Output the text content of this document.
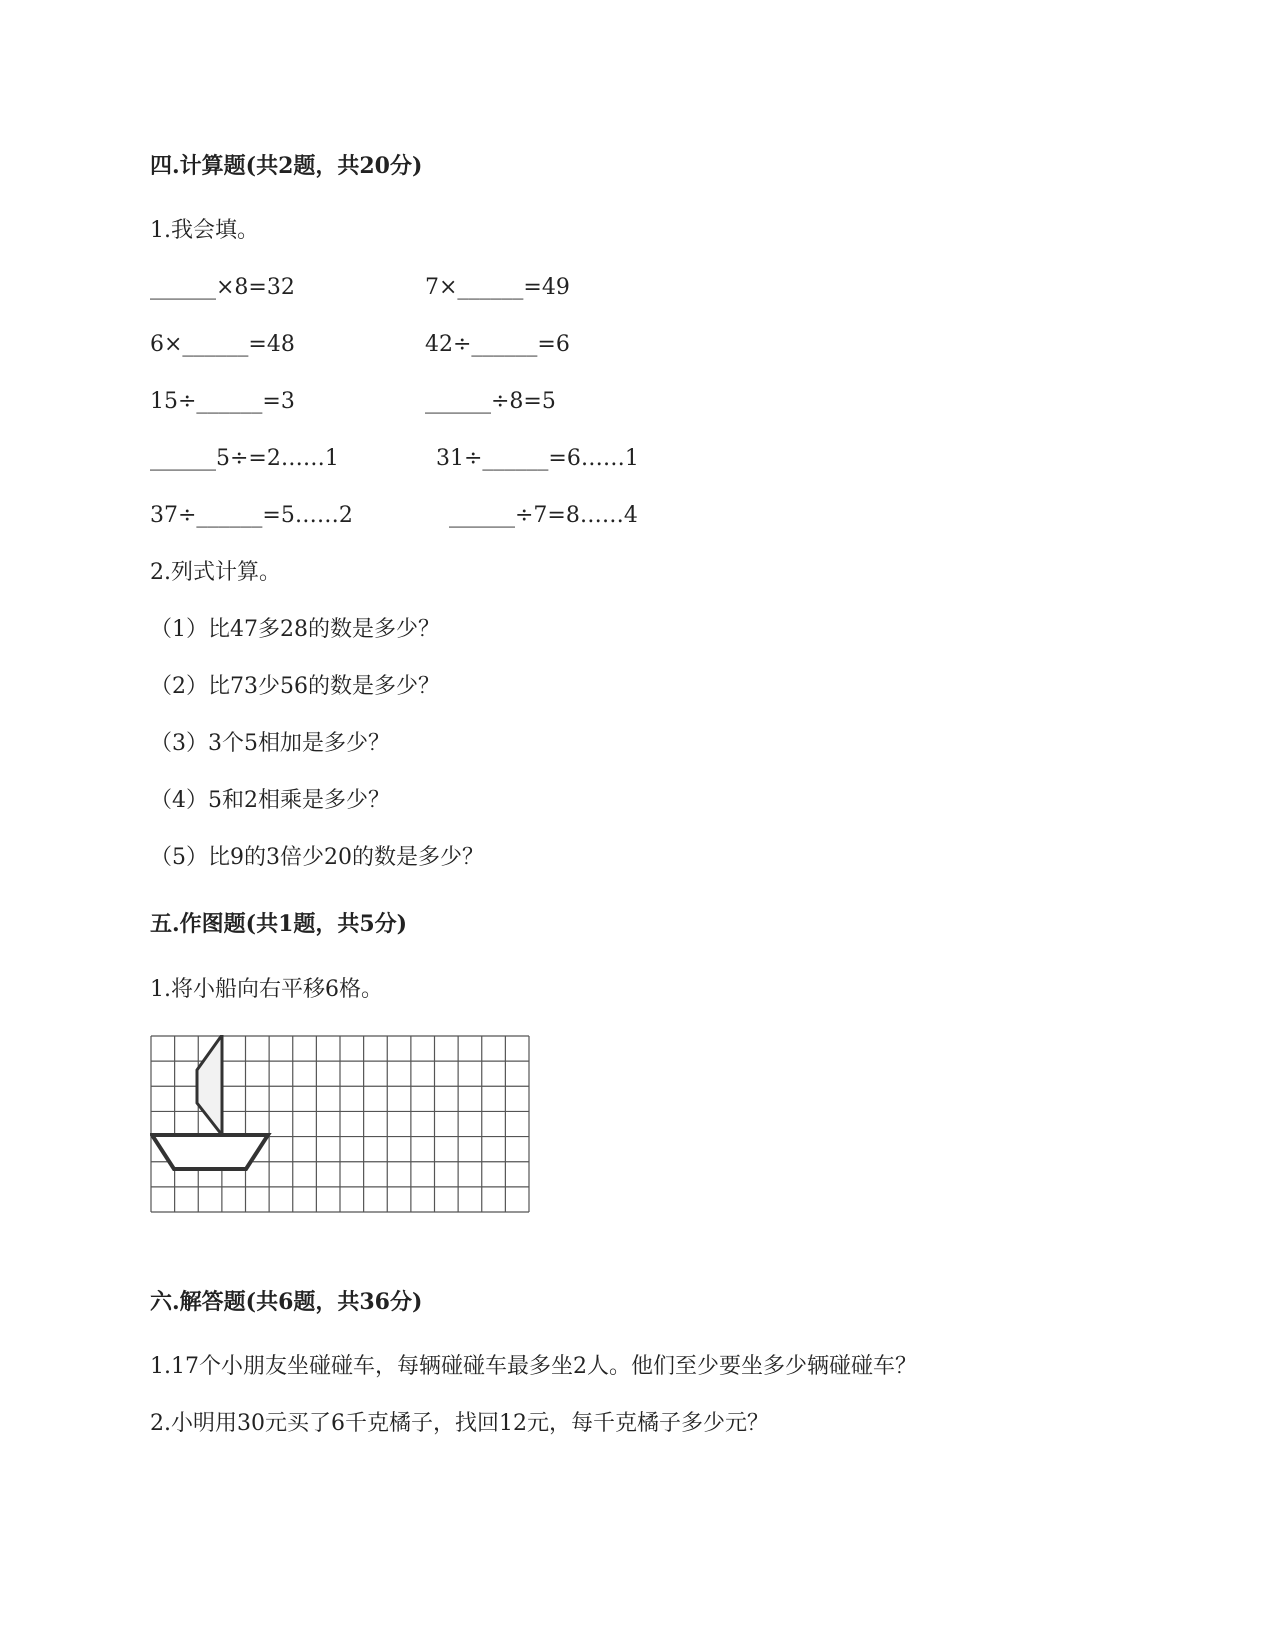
四.计算题(共2题，共20分)
1.我会填。
______×8=32	7×______=49
6×______=48	42÷______=6
15÷______=3	______÷8=5
______5÷=2……1	31÷______=6……1
37÷______=5……2	______÷7=8……4
2.列式计算。
（1）比47多28的数是多少？
（2）比73少56的数是多少？
（3）3个5相加是多少？
（4）5和2相乘是多少？
（5）比9的3倍少20的数是多少？
五.作图题(共1题，共5分)
1.将小船向右平移6格。
六.解答题(共6题，共36分)
1.17个小朋友坐碰碰车，每辆碰碰车最多坐2人。他们至少要坐多少辆碰碰车？
2.小明用30元买了6千克橘子，找回12元，每千克橘子多少元？
